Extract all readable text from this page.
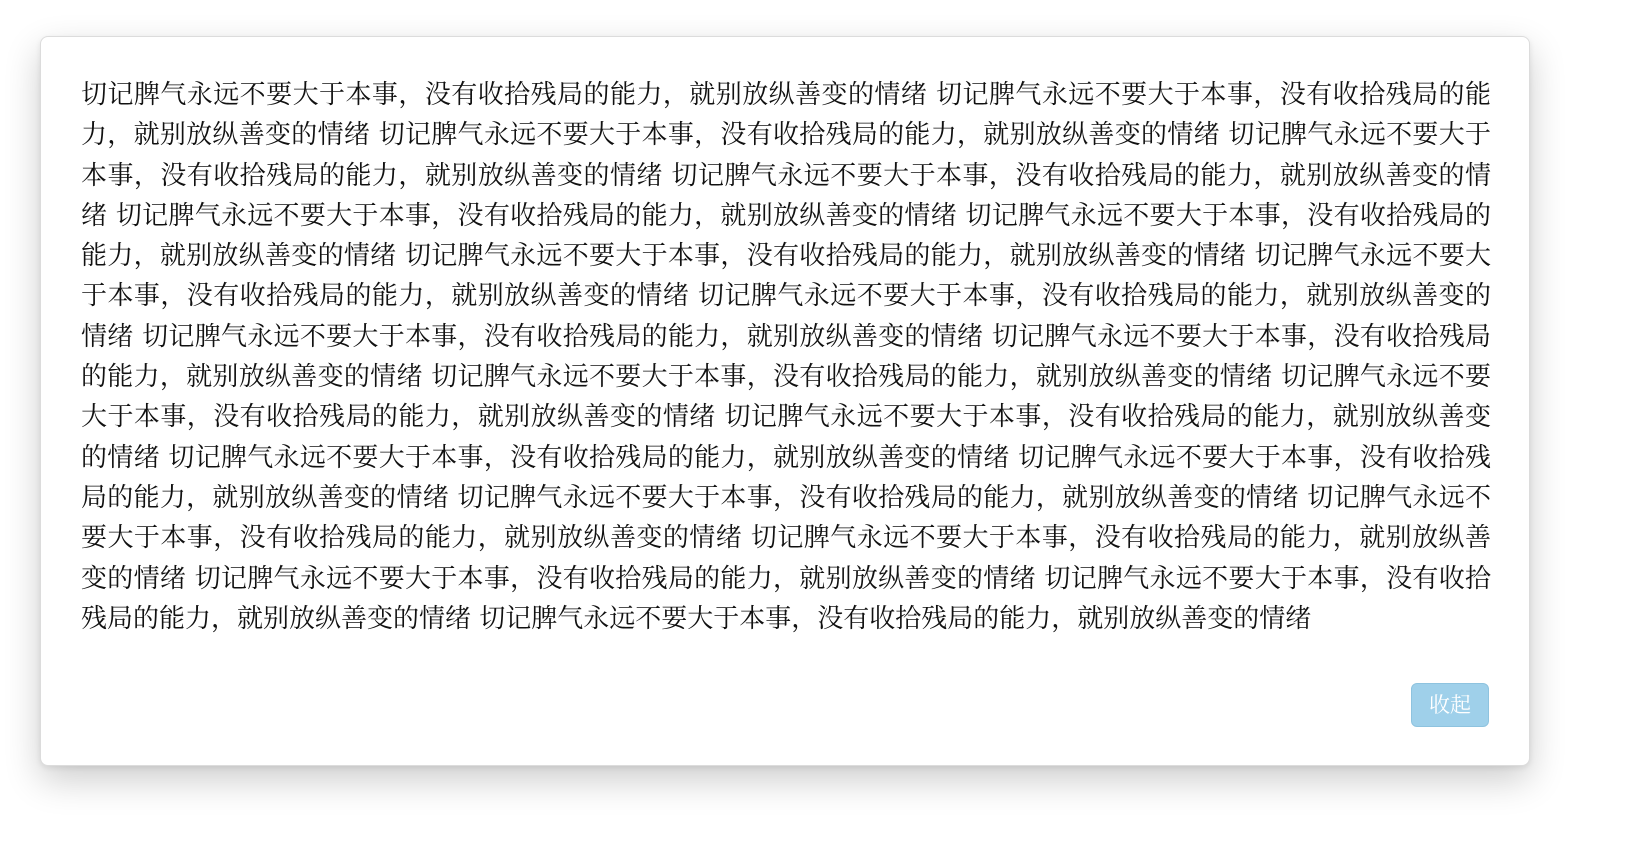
切记脾气永远不要大于本事，没有收拾残局的能力，就别放纵善变的情绪 切记脾气永远不要大于本事，没有收拾残局的能力，就别放纵善变的情绪 切记脾气永远不要大于本事，没有收拾残局的能力，就别放纵善变的情绪 切记脾气永远不要大于本事，没有收拾残局的能力，就别放纵善变的情绪 切记脾气永远不要大于本事，没有收拾残局的能力，就别放纵善变的情绪 切记脾气永远不要大于本事，没有收拾残局的能力，就别放纵善变的情绪 切记脾气永远不要大于本事，没有收拾残局的能力，就别放纵善变的情绪 切记脾气永远不要大于本事，没有收拾残局的能力，就别放纵善变的情绪 切记脾气永远不要大于本事，没有收拾残局的能力，就别放纵善变的情绪 切记脾气永远不要大于本事，没有收拾残局的能力，就别放纵善变的情绪 切记脾气永远不要大于本事，没有收拾残局的能力，就别放纵善变的情绪 切记脾气永远不要大于本事，没有收拾残局的能力，就别放纵善变的情绪 切记脾气永远不要大于本事，没有收拾残局的能力，就别放纵善变的情绪 切记脾气永远不要大于本事，没有收拾残局的能力，就别放纵善变的情绪 切记脾气永远不要大于本事，没有收拾残局的能力，就别放纵善变的情绪 切记脾气永远不要大于本事，没有收拾残局的能力，就别放纵善变的情绪 切记脾气永远不要大于本事，没有收拾残局的能力，就别放纵善变的情绪 切记脾气永远不要大于本事，没有收拾残局的能力，就别放纵善变的情绪 切记脾气永远不要大于本事，没有收拾残局的能力，就别放纵善变的情绪 切记脾气永远不要大于本事，没有收拾残局的能力，就别放纵善变的情绪 切记脾气永远不要大于本事，没有收拾残局的能力，就别放纵善变的情绪 切记脾气永远不要大于本事，没有收拾残局的能力，就别放纵善变的情绪 切记脾气永远不要大于本事，没有收拾残局的能力，就别放纵善变的情绪
收起
